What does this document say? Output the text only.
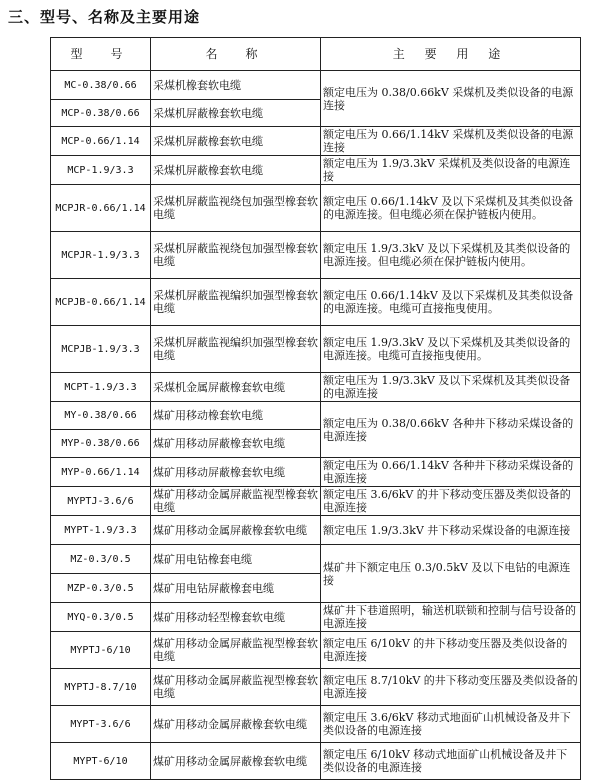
三、型号、名称及主要用途
型　号	名　称	主 要 用 途
MC-0.38/0.66	采煤机橡套软电缆	额定电压为 0.38/0.66kV 采煤机及类似设备的电源连接
MCP-0.38/0.66	采煤机屏蔽橡套软电缆	
MCP-0.66/1.14	采煤机屏蔽橡套软电缆	额定电压为 0.66/1.14kV 采煤机及类似设备的电源连接
MCP-1.9/3.3	采煤机屏蔽橡套软电缆	额定电压为 1.9/3.3kV 采煤机及类似设备的电源连接
MCPJR-0.66/1.14	采煤机屏蔽监视绕包加强型橡套软电缆	额定电压 0.66/1.14kV 及以下采煤机及其类似设备的电源连接。但电缆必须在保护链板内使用。
MCPJR-1.9/3.3	采煤机屏蔽监视绕包加强型橡套软电缆	额定电压 1.9/3.3kV 及以下采煤机及其类似设备的电源连接。但电缆必须在保护链板内使用。
MCPJB-0.66/1.14	采煤机屏蔽监视编织加强型橡套软电缆	额定电压 0.66/1.14kV 及以下采煤机及其类似设备的电源连接。电缆可直接拖曳使用。
MCPJB-1.9/3.3	采煤机屏蔽监视编织加强型橡套软电缆	额定电压 1.9/3.3kV 及以下采煤机及其类似设备的电源连接。电缆可直接拖曳使用。
MCPT-1.9/3.3	采煤机金属屏蔽橡套软电缆	额定电压为 1.9/3.3kV 及以下采煤机及其类似设备的电源连接
MY-0.38/0.66	煤矿用移动橡套软电缆	额定电压为 0.38/0.66kV 各种井下移动采煤设备的电源连接
MYP-0.38/0.66	煤矿用移动屏蔽橡套软电缆	
MYP-0.66/1.14	煤矿用移动屏蔽橡套软电缆	额定电压为 0.66/1.14kV 各种井下移动采煤设备的电源连接
MYPTJ-3.6/6	煤矿用移动金属屏蔽监视型橡套软电缆	额定电压 3.6/6kV 的井下移动变压器及类似设备的电源连接
MYPT-1.9/3.3	煤矿用移动金属屏蔽橡套软电缆	额定电压 1.9/3.3kV 井下移动采煤设备的电源连接
MZ-0.3/0.5	煤矿用电钻橡套电缆	煤矿井下额定电压 0.3/0.5kV 及以下电钻的电源连接
MZP-0.3/0.5	煤矿用电钻屏蔽橡套电缆	
MYQ-0.3/0.5	煤矿用移动轻型橡套软电缆	煤矿井下巷道照明，输送机联锁和控制与信号设备的电源连接
MYPTJ-6/10	煤矿用移动金属屏蔽监视型橡套软电缆	额定电压 6/10kV 的井下移动变压器及类似设备的电源连接
MYPTJ-8.7/10	煤矿用移动金属屏蔽监视型橡套软电缆	额定电压 8.7/10kV 的井下移动变压器及类似设备的电源连接
MYPT-3.6/6	煤矿用移动金属屏蔽橡套软电缆	额定电压 3.6/6kV 移动式地面矿山机械设备及井下类似设备的电源连接
MYPT-6/10	煤矿用移动金属屏蔽橡套软电缆	额定电压 6/10kV 移动式地面矿山机械设备及井下类似设备的电源连接
